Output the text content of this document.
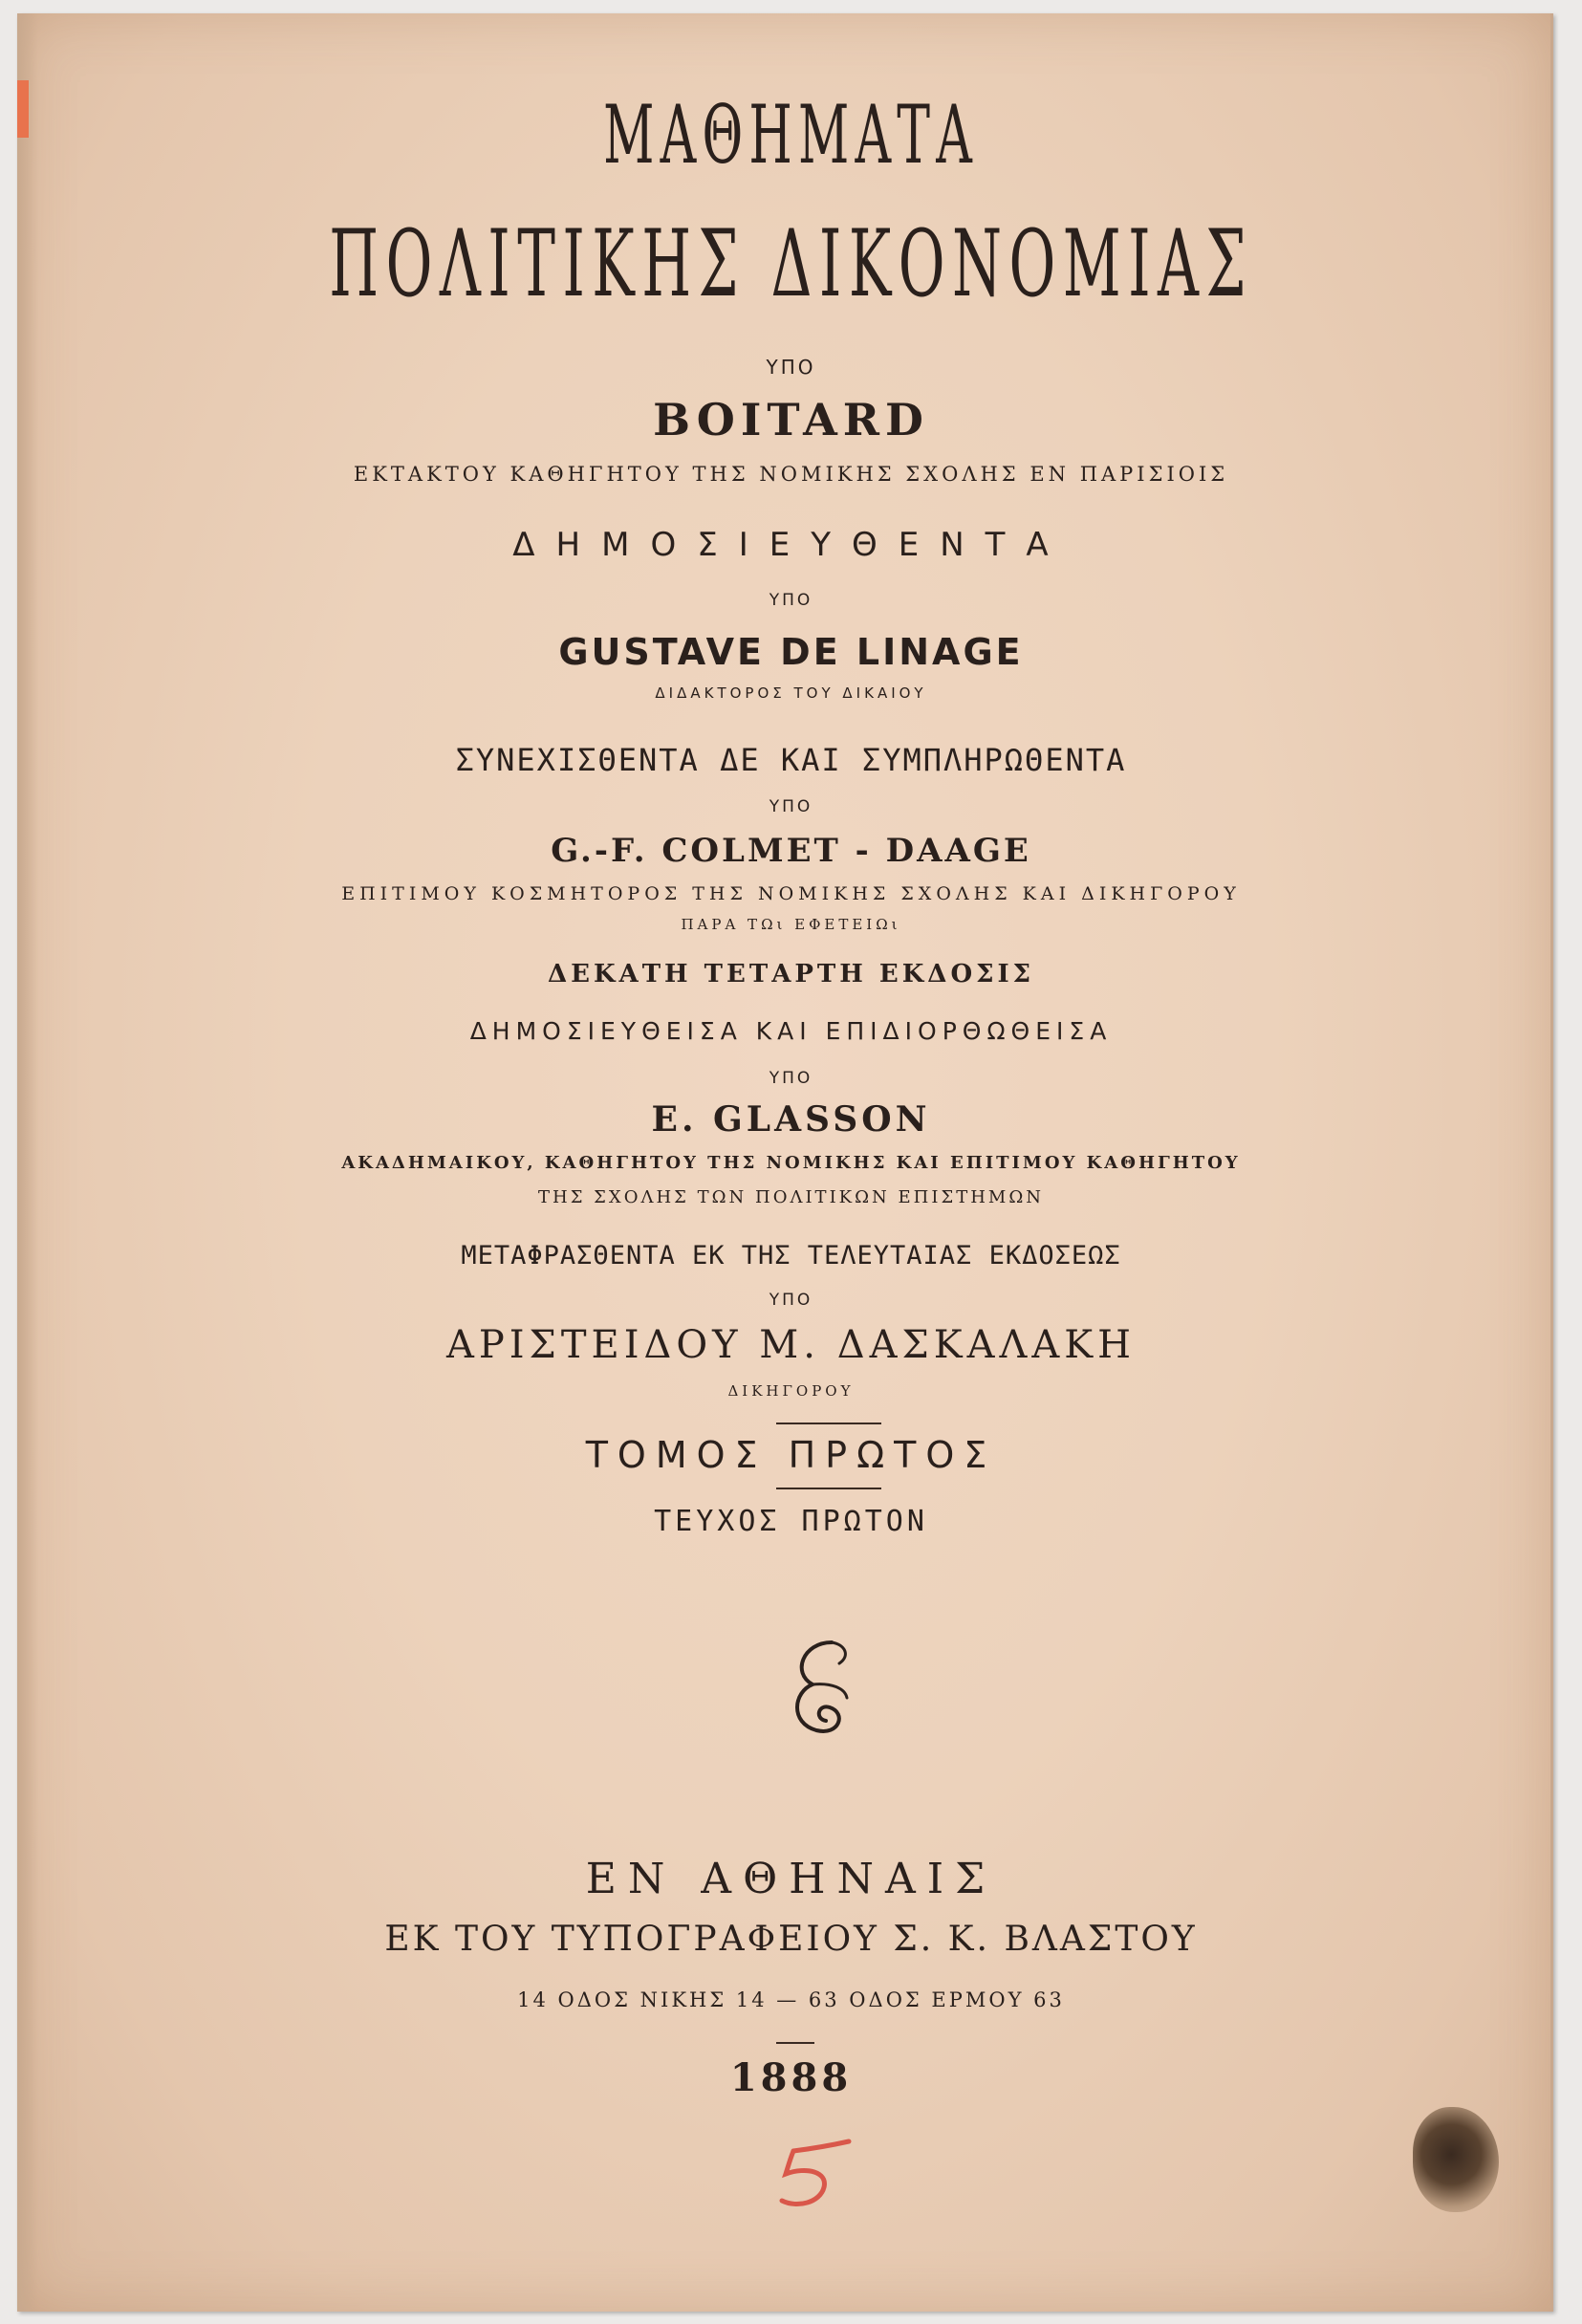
ΜΑΘΗΜΑΤΑ
ΠΟΛΙΤΙΚΗΣ ΔΙΚΟΝΟΜΙΑΣ
ΥΠΟ
BOITARD
ΕΚΤΑΚΤΟΥ ΚΑΘΗΓΗΤΟΥ ΤΗΣ ΝΟΜΙΚΗΣ ΣΧΟΛΗΣ ΕΝ ΠΑΡΙΣΙΟΙΣ
ΔΗΜΟΣΙΕΥΘΕΝΤΑ
ΥΠΟ
GUSTAVE DE LINAGE
ΔΙΔΑΚΤΟΡΟΣ ΤΟΥ ΔΙΚΑΙΟΥ
ΣΥΝΕΧΙΣΘΕΝΤΑ ΔΕ ΚΑΙ ΣΥΜΠΛΗΡΩΘΕΝΤΑ
ΥΠΟ
G.-F. COLMET - DAAGE
ΕΠΙΤΙΜΟΥ ΚΟΣΜΗΤΟΡΟΣ ΤΗΣ ΝΟΜΙΚΗΣ ΣΧΟΛΗΣ ΚΑΙ ΔΙΚΗΓΟΡΟΥ
ΠΑΡΑ ΤΩι ΕΦΕΤΕΙΩι
ΔΕΚΑΤΗ ΤΕΤΑΡΤΗ ΕΚΔΟΣΙΣ
ΔΗΜΟΣΙΕΥΘΕΙΣΑ ΚΑΙ ΕΠΙΔΙΟΡΘΩΘΕΙΣΑ
ΥΠΟ
E. GLASSON
ΑΚΑΔΗΜΑΙΚΟΥ, ΚΑΘΗΓΗΤΟΥ ΤΗΣ ΝΟΜΙΚΗΣ ΚΑΙ ΕΠΙΤΙΜΟΥ ΚΑΘΗΓΗΤΟΥ
ΤΗΣ ΣΧΟΛΗΣ ΤΩΝ ΠΟΛΙΤΙΚΩΝ ΕΠΙΣΤΗΜΩΝ
ΜΕΤΑΦΡΑΣΘΕΝΤΑ ΕΚ ΤΗΣ ΤΕΛΕΥΤΑΙΑΣ ΕΚΔΟΣΕΩΣ
ΥΠΟ
ΑΡΙΣΤΕΙΔΟΥ Μ. ΔΑΣΚΑΛΑΚΗ
ΔΙΚΗΓΟΡΟΥ
ΤΟΜΟΣ ΠΡΩΤΟΣ
ΤΕΥΧΟΣ ΠΡΩΤΟΝ
ΕΝ ΑΘΗΝΑΙΣ
ΕΚ ΤΟΥ ΤΥΠΟΓΡΑΦΕΙΟΥ Σ. Κ. ΒΛΑΣΤΟΥ
14 ΟΔΟΣ ΝΙΚΗΣ 14 — 63 ΟΔΟΣ ΕΡΜΟΥ 63
1888
